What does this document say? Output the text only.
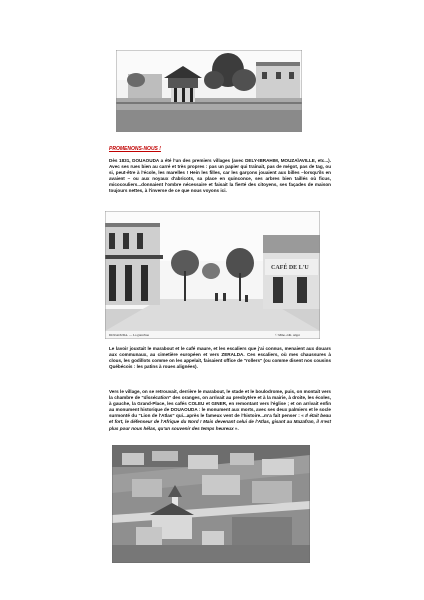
PROMENONS-NOUS !

Dès 1831, DOUAOUDA a été l'un des premiers villages (avec DELY-IBRAHIM, MOUZAÏAVILLE, etc...). Avec ses rues bien au carré et très propres : pas un papier qui traînait, pas de mégot, pas de tag, ou si, peut-être à l'école, les marelles ! Hein les filles, car les garçons jouaient aux billes –lorsqu'ils en avaient – ou aux noyaux d'abricots, sa place en quinconce, ses arbres bien taillés où ficus, micocouliers...donnaient l'ombre nécessaire et faisait la fierté des citoyens, ses façades de maison toujours nettes, à l'inverse de ce que nous voyons ici.

CAFÉ DE L'U
DOUAOUDA. — La grand'rue	© Mme. édit. Alger

Le lavoir jouxtait le marabout et le café maure, et les escaliers que j'ai connus, menaient aux douars aux communaux, au cimetière européen et vers ZERALDA. Ces escaliers, où mes chaussures à clous, les godillots comme on les appelait, faisaient office de "rollers" (ou comme disent nos cousins Québécois : les patins à roues alignées).

Vers le village, on se retrouvait, derrière le marabout, le stade et le boulodrome, puis, on montait vers la chambre de "dissécation" des oranges, on arrivait au presbytère et à la mairie, à droite, les écoles, à gauche, la Grand-Place, les cafés COLEU et GINER, en remontant vers l'église ; et on arrivait enfin au monument historique de DOUAOUDA : le monument aux morts, avec ses deux palmiers et le socle surmonté du "Lion de l'Atlas" qui...après le fameux vent de l'histoire...m'a fait penser : « Il était beau et fort, le défenseur de l'Afrique du Nord ! Mais devenant celui de l'Atlas, gisant au Mazafran, il n'est plus pour nous hélas, qu'un souvenir des temps heureux ».
